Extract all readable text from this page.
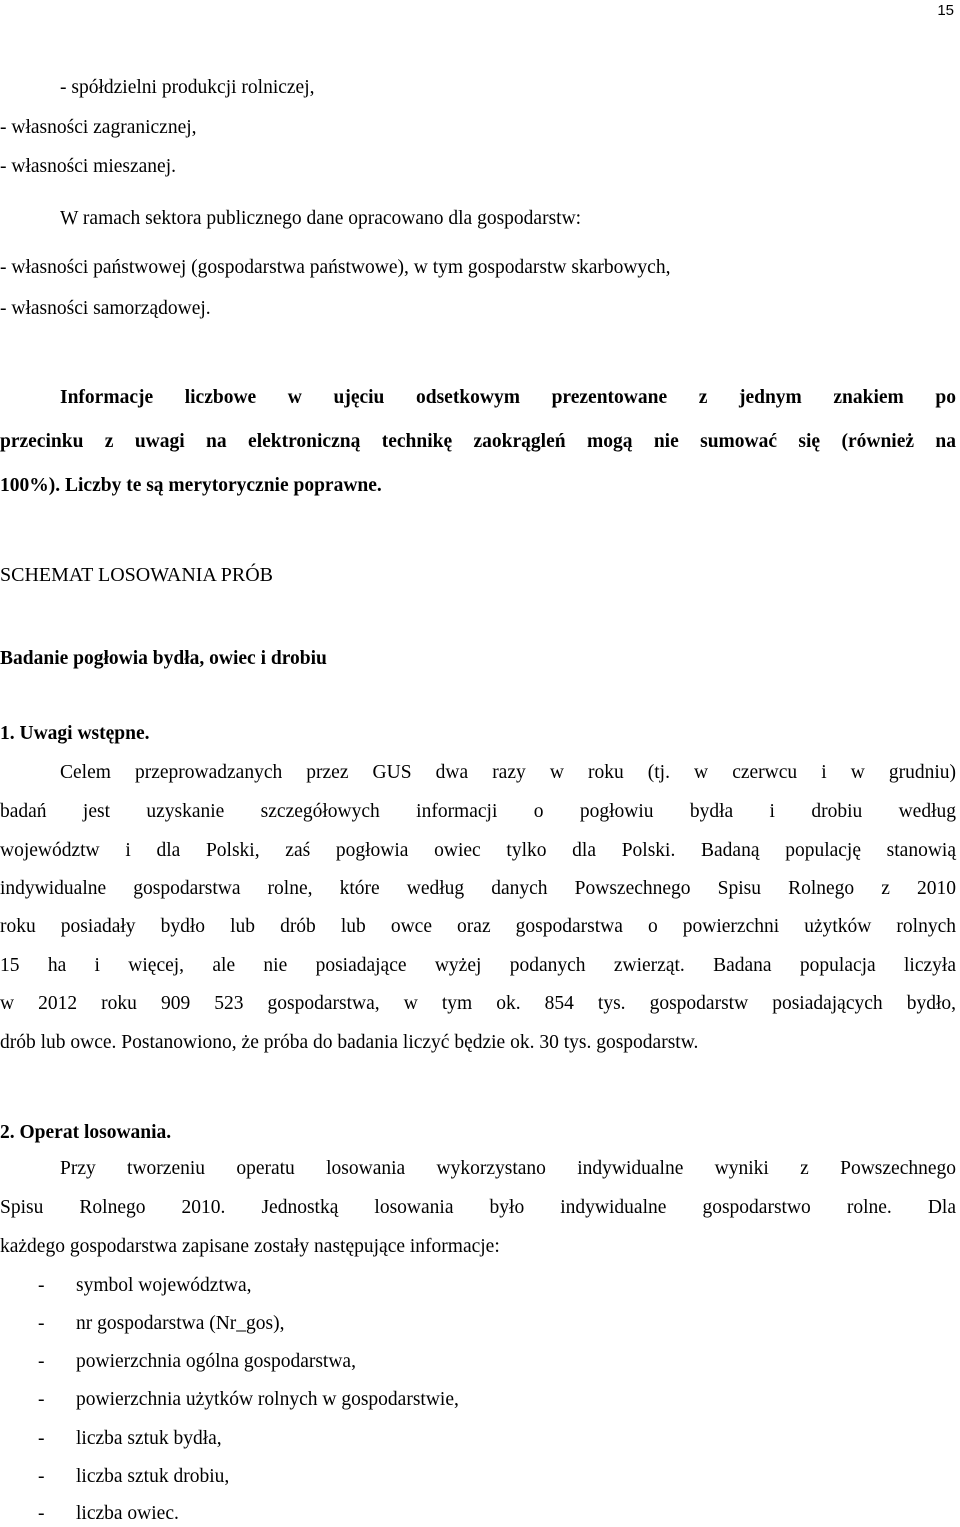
15
- spółdzielni produkcji rolniczej,
- własności zagranicznej,
- własności mieszanej.
W ramach sektora publicznego dane opracowano dla gospodarstw:
- własności państwowej (gospodarstwa państwowe), w tym gospodarstw skarbowych,
- własności samorządowej.
Informacje liczbowe w ujęciu odsetkowym prezentowane z jednym znakiem po
przecinku z uwagi na elektroniczną technikę zaokrągleń mogą nie sumować się (również na
100%). Liczby te są merytorycznie poprawne.
SCHEMAT LOSOWANIA PRÓB
Badanie pogłowia bydła, owiec i drobiu
1. Uwagi wstępne.
Celem przeprowadzanych przez GUS dwa razy w roku (tj. w czerwcu i w grudniu)
badań jest uzyskanie szczegółowych informacji o pogłowiu bydła i drobiu według
województw i dla Polski, zaś pogłowia owiec tylko dla Polski. Badaną populację stanowią
indywidualne gospodarstwa rolne, które według danych Powszechnego Spisu Rolnego z 2010
roku posiadały bydło lub drób lub owce oraz gospodarstwa o powierzchni użytków rolnych
15 ha i więcej, ale nie posiadające wyżej podanych zwierząt. Badana populacja liczyła
w 2012 roku 909 523 gospodarstwa, w tym ok. 854 tys. gospodarstw posiadających bydło,
drób lub owce. Postanowiono, że próba do badania liczyć będzie ok. 30 tys. gospodarstw.
2. Operat losowania.
Przy tworzeniu operatu losowania wykorzystano indywidualne wyniki z Powszechnego
Spisu Rolnego 2010. Jednostką losowania było indywidualne gospodarstwo rolne. Dla
każdego gospodarstwa zapisane zostały następujące informacje:
- symbol województwa,
- nr gospodarstwa (Nr_gos),
- powierzchnia ogólna gospodarstwa,
- powierzchnia użytków rolnych w gospodarstwie,
- liczba sztuk bydła,
- liczba sztuk drobiu,
- liczba owiec.
